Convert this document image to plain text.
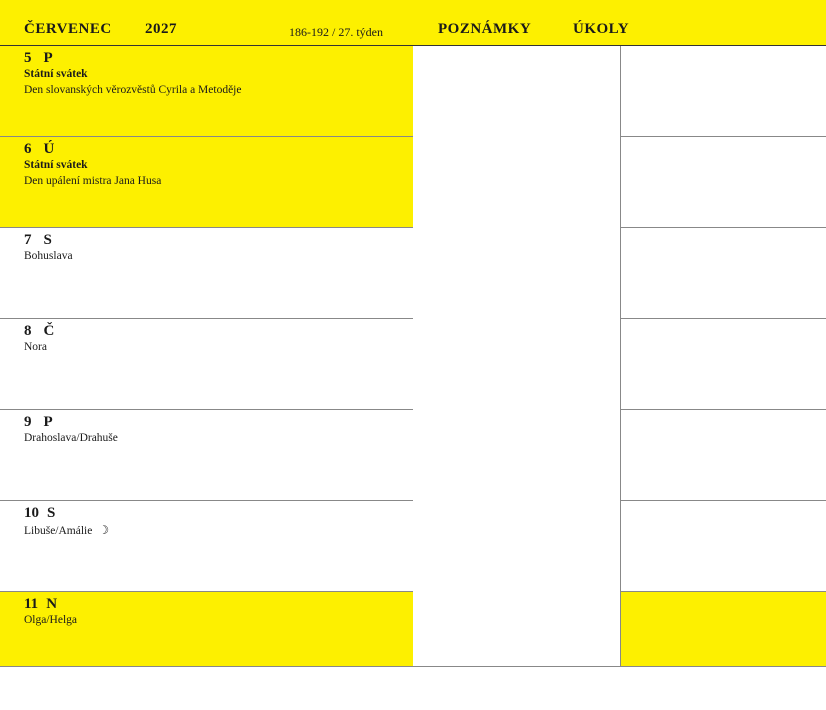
ČERVENEC 2027	186-192 / 27. týden	POZNÁMKY	ÚKOLY
5 P
Státní svátek
Den slovanských věrozvěstů Cyrila a Metoděje
6 Ú
Státní svátek
Den upálení mistra Jana Husa
7 S
Bohuslava
8 Č
Nora
9 P
Drahoslava/Drahuše
10 S
Libuše/Amálie ☽
11 N
Olga/Helga
